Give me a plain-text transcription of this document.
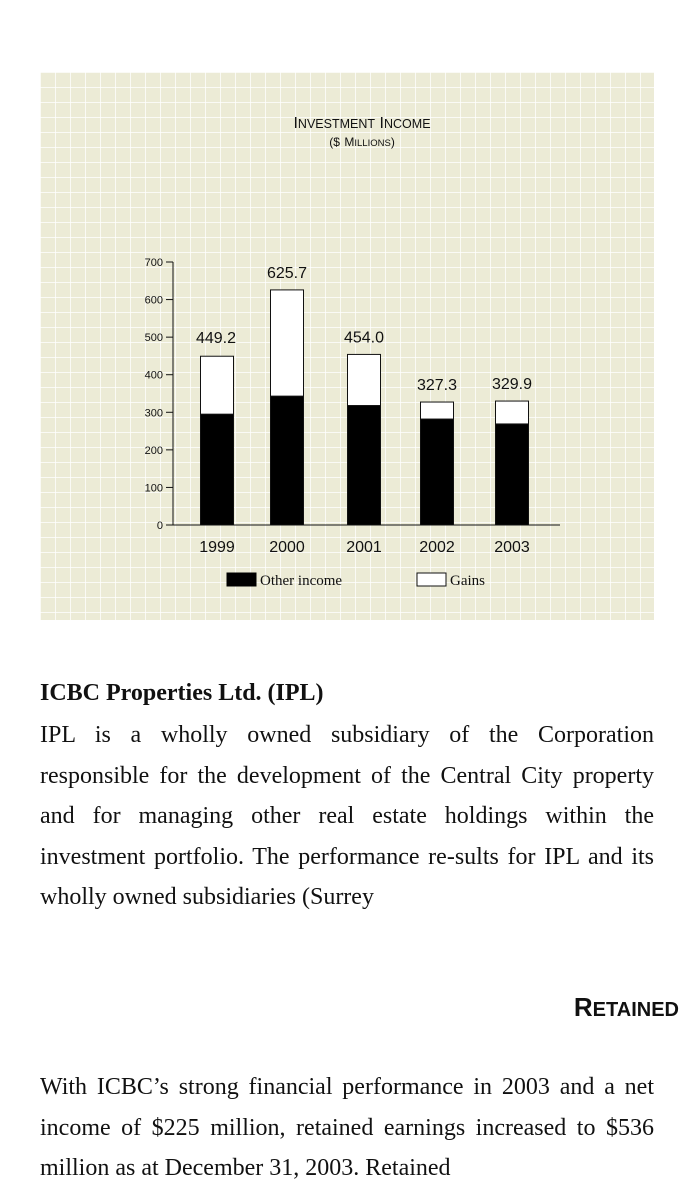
INVESTMENT INCOME
($ MILLIONS)
0
100
200
300
400
500
600
700
1999
449.2
2000
625.7
2001
454.0
2002
327.3
2003
329.9
Other income	Gains
ICBC Properties Ltd. (IPL)

IPL is a wholly owned subsidiary of the Corporation responsible for the development of the Central City property and for managing other real estate holdings within the investment portfolio. The performance re-sults for IPL and its wholly owned subsidiaries (Surrey

RETAINED

With ICBC’s strong financial performance in 2003 and a net income of $225 million, retained earnings increased to $536 million as at December 31, 2003. Retained
